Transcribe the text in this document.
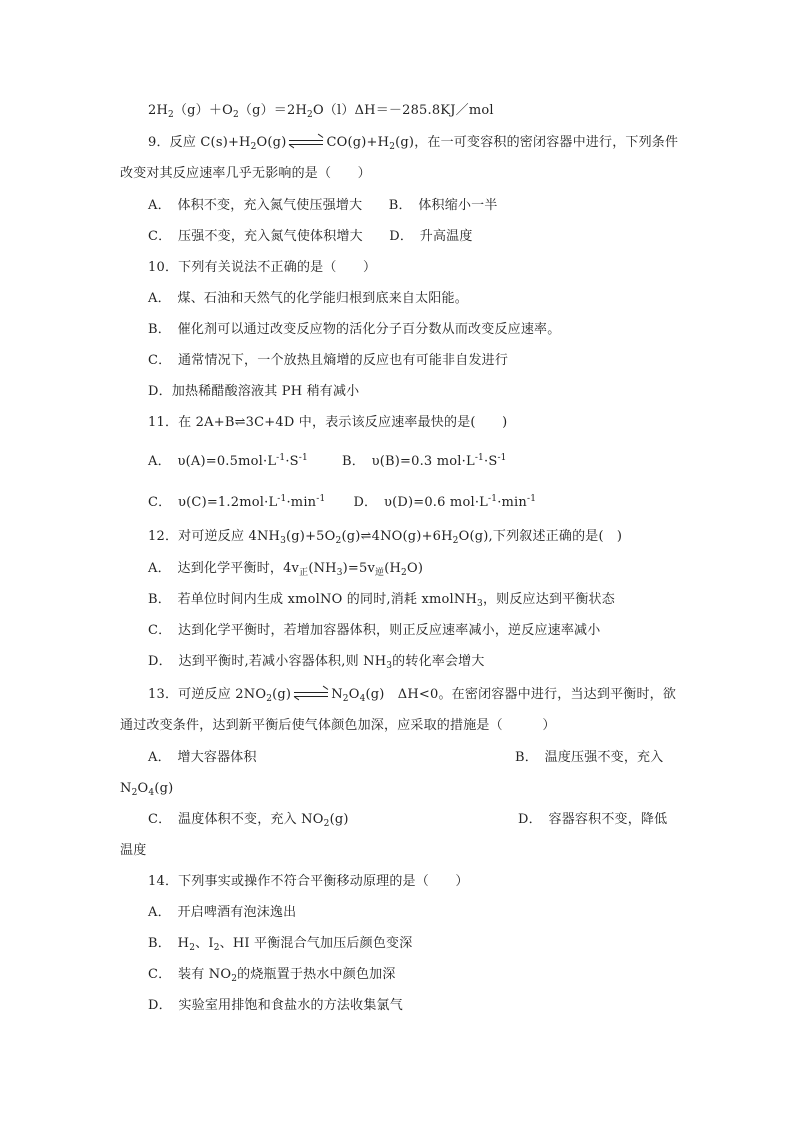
$2H_2(g)+O_2(g)=2H_2O(l)\Delta H=-285.8KJ/mol$
9．反应 $C(s)+H_2O(g)$	$CO(g)+H_2(g)$，在一可变容积的密闭容器中进行，下列条件
改变对其反应速率几乎无影响的是（　　）
A．　体积不变，充入氮气使压强增大　　B．　体积缩小一半
C．　压强不变，充入氮气使体积增大　　D．　升高温度
10．下列有关说法不正确的是（　　）
A．　煤、石油和天然气的化学能归根到底来自太阳能。
B．　催化剂可以通过改变反应物的活化分子百分数从而改变反应速率。
C．　通常情况下，一个放热且熵增的反应也有可能非自发进行
D．加热稀醋酸溶液其 PH 稍有减小
11．在 2A+B⇌3C+4D 中，表示该反应速率最快的是(　　)
A．　$\upsilon(A)=0.5mol\cdot L^{-1}\cdot S^{-1}$	B．　υ(B)=0.3 $mol\cdot L^{-1}\cdot S^{-1}$
C．　$\upsilon(C)=1.2mol\cdot L^{-1}\cdot\min^{-1}$ D．　υ(D)=0.6 $mol\cdot L^{-1}\cdot\min^{-1}$
12．对可逆反应 $4NH_3(g)+5O_2(g)\rightleftharpoons 4NO(g)+6H_2O(g)$,下列叙述正确的是(　)
A．　达到化学平衡时，$4v_正(NH_3)=5v_逆(H_2O)$
B．　若单位时间内生成 xmolNO 的同时,消耗 xmolNH$_3$，则反应达到平衡状态
C．　达到化学平衡时，若增加容器体积，则正反应速率减小，逆反应速率减小
D．　达到平衡时,若减小容器体积,则 $NH_3$的转化率会增大
13．可逆反应 $2NO_2(g)$	$N_2O_4(g)$　ΔH<0。在密闭容器中进行，当达到平衡时，欲
通过改变条件，达到新平衡后使气体颜色加深，应采取的措施是（　　　）
A．　增大容器体积	B．　温度压强不变，充入
$N_2O_4(g)$
C．　温度体积不变，充入 $NO_2(g)$	D．　容器容积不变，降低
温度
14．下列事实或操作不符合平衡移动原理的是（　　）
A．　开启啤酒有泡沫逸出
B．　$H_2$、$I_2$、HI 平衡混合气加压后颜色变深
C．　装有 $NO_2$的烧瓶置于热水中颜色加深
D．　实验室用排饱和食盐水的方法收集氯气
